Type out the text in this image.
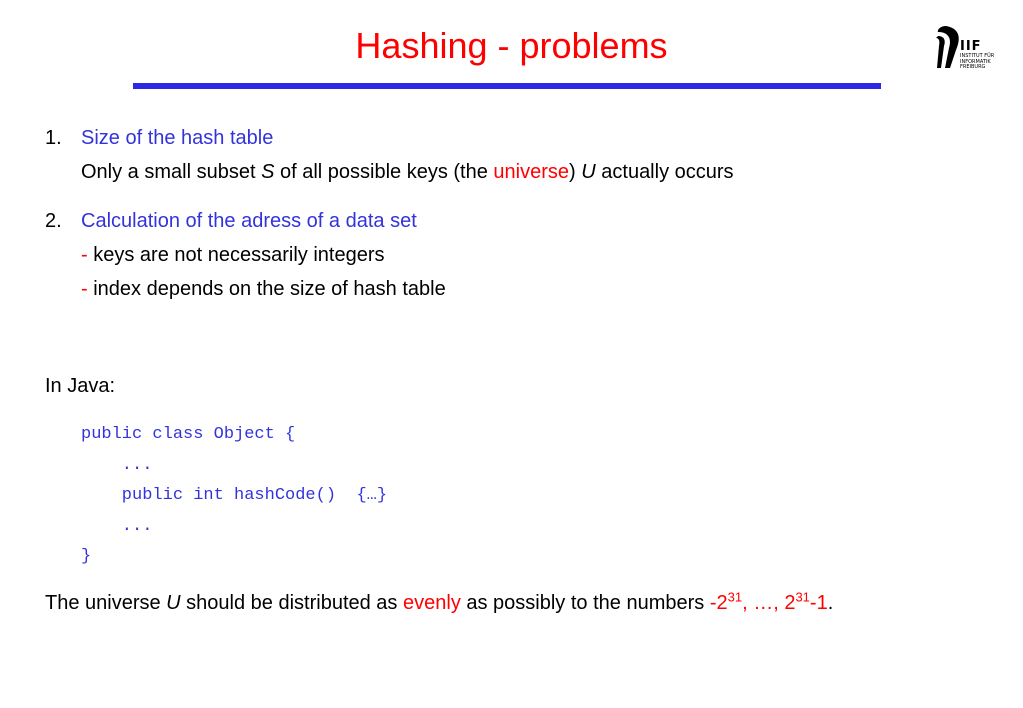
Hashing - problems	IIF
INSTITUT FÜR
INFORMATIK
FREIBURG
1. Size of the hash table
Only a small subset S of all possible keys (the universe) U actually occurs
2. Calculation of the adress of a data set
- keys are not necessarily integers
- index depends on the size of hash table
In Java:
public class Object {
...
public int hashCode()  {…}
...
}
The universe U should be distributed as evenly as possibly to the numbers $-2^{31}$, …, $2^{31}-1$.
